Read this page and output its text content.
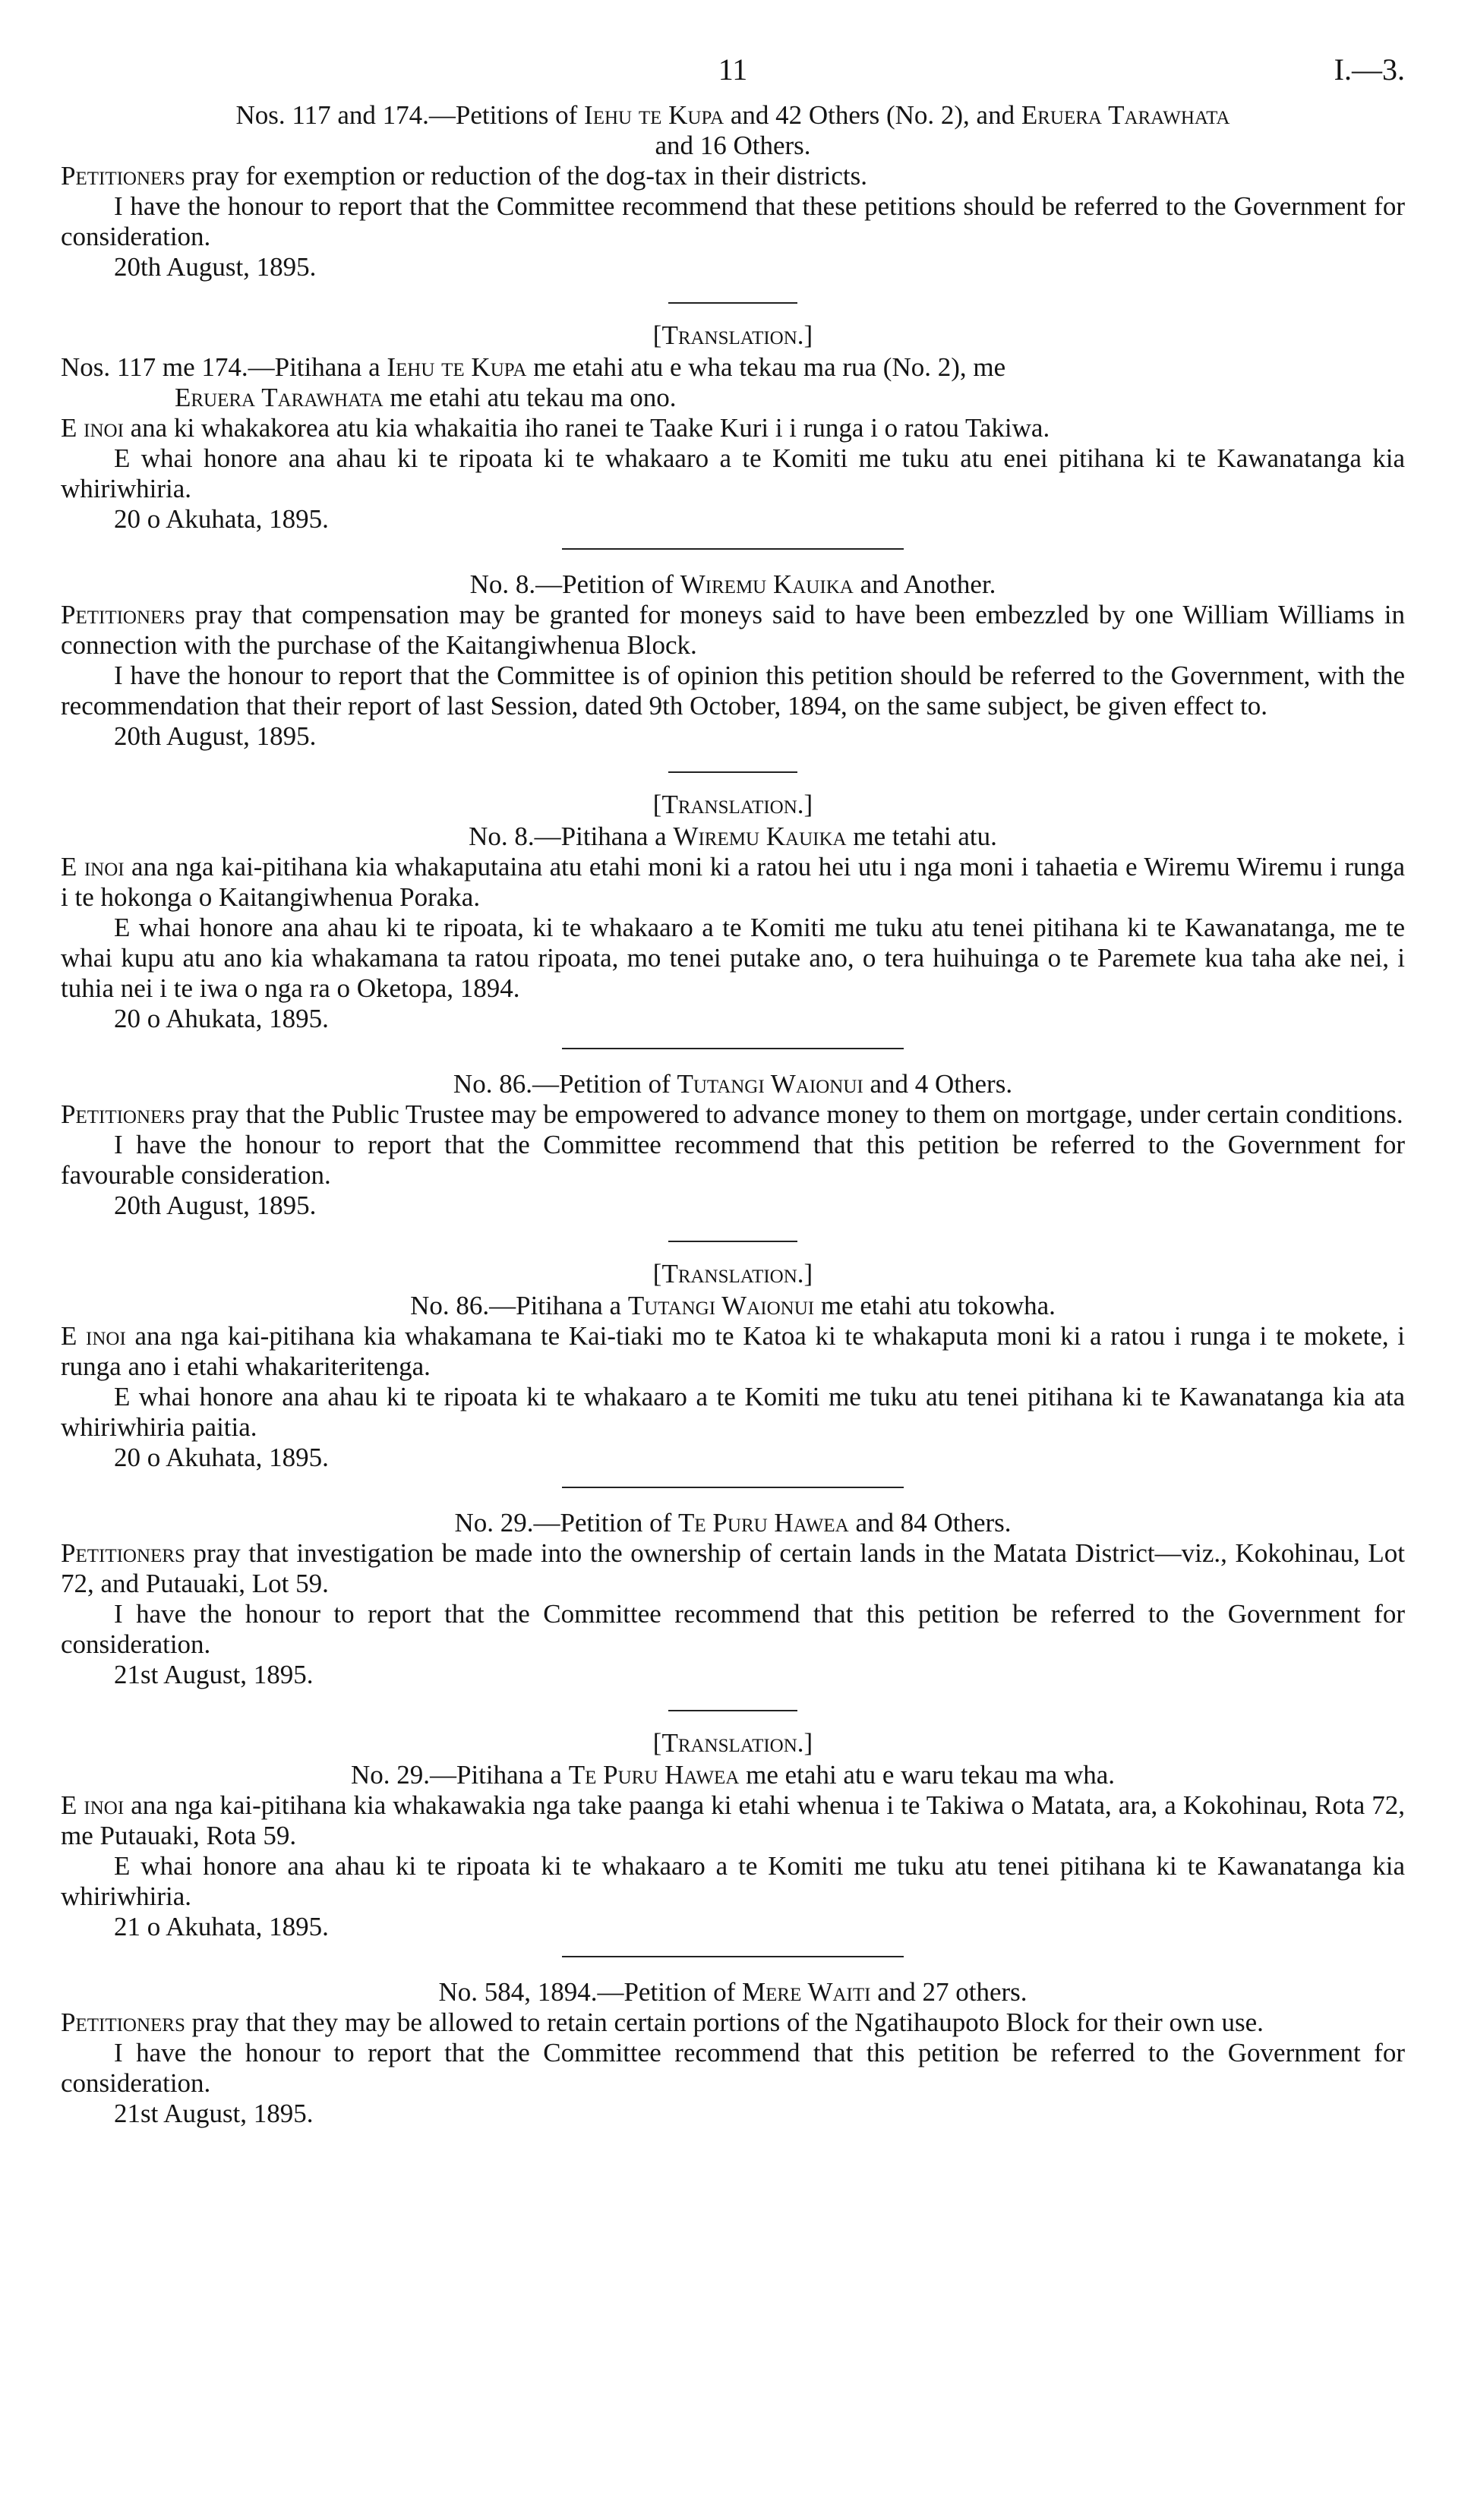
11	I.—3.

Nos. 117 and 174.—Petitions of Iehu te Kupa and 42 Others (No. 2), and Eruera Tarawhata
and 16 Others.

Petitioners pray for exemption or reduction of the dog-tax in their districts.

I have the honour to report that the Committee recommend that these petitions should be referred to the Government for consideration.

20th August, 1895.

[Translation.]

Nos. 117 me 174.—Pitihana a Iehu te Kupa me etahi atu e wha tekau ma rua (No. 2), me
Eruera Tarawhata me etahi atu tekau ma ono.

E inoi ana ki whakakorea atu kia whakaitia iho ranei te Taake Kuri i i runga i o ratou Takiwa.

E whai honore ana ahau ki te ripoata ki te whakaaro a te Komiti me tuku atu enei pitihana ki te Kawanatanga kia whiriwhiria.

20 o Akuhata, 1895.

No. 8.—Petition of Wiremu Kauika and Another.

Petitioners pray that compensation may be granted for moneys said to have been embezzled by one William Williams in connection with the purchase of the Kaitangiwhenua Block.

I have the honour to report that the Committee is of opinion this petition should be referred to the Government, with the recommendation that their report of last Session, dated 9th October, 1894, on the same subject, be given effect to.

20th August, 1895.

[Translation.]

No. 8.—Pitihana a Wiremu Kauika me tetahi atu.

E inoi ana nga kai-pitihana kia whakaputaina atu etahi moni ki a ratou hei utu i nga moni i tahaetia e Wiremu Wiremu i runga i te hokonga o Kaitangiwhenua Poraka.

E whai honore ana ahau ki te ripoata, ki te whakaaro a te Komiti me tuku atu tenei pitihana ki te Kawanatanga, me te whai kupu atu ano kia whakamana ta ratou ripoata, mo tenei putake ano, o tera huihuinga o te Paremete kua taha ake nei, i tuhia nei i te iwa o nga ra o Oketopa, 1894.

20 o Ahukata, 1895.

No. 86.—Petition of Tutangi Waionui and 4 Others.

Petitioners pray that the Public Trustee may be empowered to advance money to them on mortgage, under certain conditions.

I have the honour to report that the Committee recommend that this petition be referred to the Government for favourable consideration.

20th August, 1895.

[Translation.]

No. 86.—Pitihana a Tutangi Waionui me etahi atu tokowha.

E inoi ana nga kai-pitihana kia whakamana te Kai-tiaki mo te Katoa ki te whakaputa moni ki a ratou i runga i te mokete, i runga ano i etahi whakariteritenga.

E whai honore ana ahau ki te ripoata ki te whakaaro a te Komiti me tuku atu tenei pitihana ki te Kawanatanga kia ata whiriwhiria paitia.

20 o Akuhata, 1895.

No. 29.—Petition of Te Puru Hawea and 84 Others.

Petitioners pray that investigation be made into the ownership of certain lands in the Matata District—viz., Kokohinau, Lot 72, and Putauaki, Lot 59.

I have the honour to report that the Committee recommend that this petition be referred to the Government for consideration.

21st August, 1895.

[Translation.]

No. 29.—Pitihana a Te Puru Hawea me etahi atu e waru tekau ma wha.

E inoi ana nga kai-pitihana kia whakawakia nga take paanga ki etahi whenua i te Takiwa o Matata, ara, a Kokohinau, Rota 72, me Putauaki, Rota 59.

E whai honore ana ahau ki te ripoata ki te whakaaro a te Komiti me tuku atu tenei pitihana ki te Kawanatanga kia whiriwhiria.

21 o Akuhata, 1895.

No. 584, 1894.—Petition of Mere Waiti and 27 others.

Petitioners pray that they may be allowed to retain certain portions of the Ngatihaupoto Block for their own use.

I have the honour to report that the Committee recommend that this petition be referred to the Government for consideration.

21st August, 1895.
